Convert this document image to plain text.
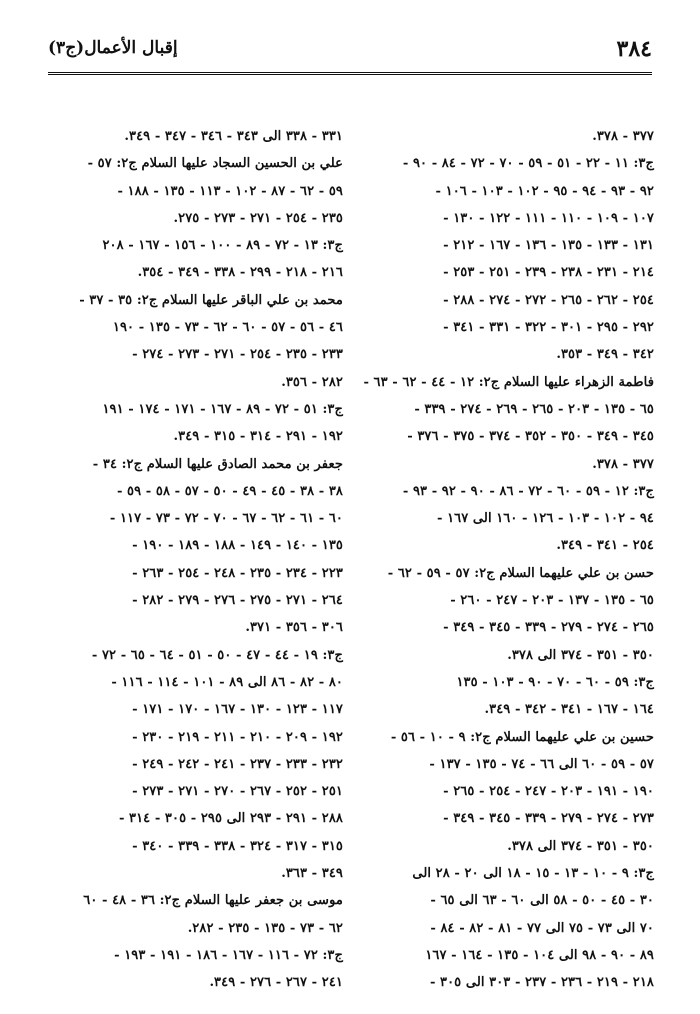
٣٨٤
إقبال الأعمال(ج٣)
٣٧٧ - ٣٧٨.
ج٣: ١١ - ٢٢ - ٥١ - ٥٩ - ٧٠ - ٧٢ - ٨٤ - ٩٠ -
٩٢ - ٩٣ - ٩٤ - ٩٥ - ١٠٢ - ١٠٣ - ١٠٦ -
١٠٧ - ١٠٩ - ١١٠ - ١١١ - ١٢٢ - ١٣٠ -
١٣١ - ١٣٣ - ١٣٥ - ١٣٦ - ١٦٧ - ٢١٢ -
٢١٤ - ٢٣١ - ٢٣٨ - ٢٣٩ - ٢٥١ - ٢٥٣ -
٢٥٤ - ٢٦٢ - ٢٦٥ - ٢٧٢ - ٢٧٤ - ٢٨٨ -
٢٩٢ - ٢٩٥ - ٣٠١ - ٣٢٢ - ٣٣١ - ٣٤١ -
٣٤٢ - ٣٤٩ - ٣٥٣.
فاطمة الزهراء عليها السلام ج٢: ١٢ - ٤٤ - ٦٢ - ٦٣ -
٦٥ - ١٣٥ - ٢٠٣ - ٢٦٥ - ٢٦٩ - ٢٧٤ - ٣٣٩ -
٣٤٥ - ٣٤٩ - ٣٥٠ - ٣٥٢ - ٣٧٤ - ٣٧٥ - ٣٧٦ -
٣٧٧ - ٣٧٨.
ج٣: ١٢ - ٥٩ - ٦٠ - ٧٢ - ٨٦ - ٩٠ - ٩٢ - ٩٣ -
٩٤ - ١٠٢ - ١٠٣ - ١٢٦ - ١٦٠ الى ١٦٧ -
٢٥٤ - ٣٤١ - ٣٤٩.
حسن بن علي عليهما السلام ج٢: ٥٧ - ٥٩ - ٦٢ -
٦٥ - ١٣٥ - ١٣٧ - ٢٠٣ - ٢٤٧ - ٢٦٠ -
٢٦٥ - ٢٧٤ - ٢٧٩ - ٣٣٩ - ٣٤٥ - ٣٤٩ -
٣٥٠ - ٣٥١ - ٣٧٤ الى ٣٧٨.
ج٣: ٥٩ - ٦٠ - ٧٠ - ٩٠ - ١٠٣ - ١٣٥
١٦٤ - ١٦٧ - ٣٤١ - ٣٤٢ - ٣٤٩.
حسين بن علي عليهما السلام ج٢: ٩ - ١٠ - ٥٦ -
٥٧ - ٥٩ - ٦٠ الى ٦٦ - ٧٤ - ١٣٥ - ١٣٧ -
١٩٠ - ١٩١ - ٢٠٣ - ٢٤٧ - ٢٥٤ - ٢٦٥ -
٢٧٣ - ٢٧٤ - ٢٧٩ - ٣٣٩ - ٣٤٥ - ٣٤٩ -
٣٥٠ - ٣٥١ - ٣٧٤ الى ٣٧٨.
ج٣: ٩ - ١٠ - ١٣ - ١٥ - ١٨ الى ٢٠ - ٢٨ الى
٣٠ - ٤٥ - ٥٠ - ٥٨ الى ٦٠ - ٦٣ الى ٦٥ -
٧٠ الى ٧٣ - ٧٥ الى ٧٧ - ٨١ - ٨٢ - ٨٤ -
٨٩ - ٩٠ - ٩٨ الى ١٠٤ - ١٣٥ - ١٦٤ - ١٦٧
٢١٨ - ٢١٩ - ٢٣٦ - ٢٣٧ - ٣٠٣ الى ٣٠٥ -
٣٣١ - ٣٣٨ الى ٣٤٣ - ٣٤٦ - ٣٤٧ - ٣٤٩.
علي بن الحسين السجاد عليها السلام ج٢: ٥٧ -
٥٩ - ٦٢ - ٨٧ - ١٠٢ - ١١٣ - ١٣٥ - ١٨٨ -
٢٣٥ - ٢٥٤ - ٢٧١ - ٢٧٣ - ٢٧٥.
ج٣: ١٣ - ٧٢ - ٨٩ - ١٠٠ - ١٥٦ - ١٦٧ - ٢٠٨
٢١٦ - ٢١٨ - ٢٩٩ - ٣٣٨ - ٣٤٩ - ٣٥٤.
محمد بن علي الباقر عليها السلام ج٢: ٣٥ - ٣٧ -
٤٦ - ٥٦ - ٥٧ - ٦٠ - ٦٢ - ٧٣ - ١٣٥ - ١٩٠
٢٣٣ - ٢٣٥ - ٢٥٤ - ٢٧١ - ٢٧٣ - ٢٧٤ -
٢٨٢ - ٣٥٦.
ج٣: ٥١ - ٧٢ - ٨٩ - ١٦٧ - ١٧١ - ١٧٤ - ١٩١
١٩٢ - ٢٩١ - ٣١٤ - ٣١٥ - ٣٤٩.
جعفر بن محمد الصادق عليها السلام ج٢: ٣٤ -
٣٨ - ٣٨ - ٤٥ - ٤٩ - ٥٠ - ٥٧ - ٥٨ - ٥٩ -
٦٠ - ٦١ - ٦٢ - ٦٧ - ٧٠ - ٧٢ - ٧٣ - ١١٧ -
١٣٥ - ١٤٠ - ١٤٩ - ١٨٨ - ١٨٩ - ١٩٠ -
٢٢٣ - ٢٣٤ - ٢٣٥ - ٢٤٨ - ٢٥٤ - ٢٦٣ -
٢٦٤ - ٢٧١ - ٢٧٥ - ٢٧٦ - ٢٧٩ - ٢٨٢ -
٣٠٦ - ٣٥٦ - ٣٧١.
ج٣: ١٩ - ٤٤ - ٤٧ - ٥٠ - ٥١ - ٦٤ - ٦٥ - ٧٢ -
٨٠ - ٨٢ - ٨٦ الى ٨٩ - ١٠١ - ١١٤ - ١١٦ -
١١٧ - ١٢٣ - ١٣٠ - ١٦٧ - ١٧٠ - ١٧١ -
١٩٢ - ٢٠٩ - ٢١٠ - ٢١١ - ٢١٩ - ٢٣٠ -
٢٣٢ - ٢٣٣ - ٢٣٧ - ٢٤١ - ٢٤٢ - ٢٤٩ -
٢٥١ - ٢٥٢ - ٢٦٧ - ٢٧٠ - ٢٧١ - ٢٧٣ -
٢٨٨ - ٢٩١ - ٢٩٣ الى ٢٩٥ - ٣٠٥ - ٣١٤ -
٣١٥ - ٣١٧ - ٣٢٤ - ٣٣٨ - ٣٣٩ - ٣٤٠ -
٣٤٩ - ٣٦٣.
موسى بن جعفر عليها السلام ج٢: ٣٦ - ٤٨ - ٦٠
٦٢ - ٧٣ - ١٣٥ - ٢٣٥ - ٢٨٢.
ج٣: ٧٢ - ١١٦ - ١٦٧ - ١٨٦ - ١٩١ - ١٩٣ -
٢٤١ - ٢٦٧ - ٢٧٦ - ٣٤٩.
